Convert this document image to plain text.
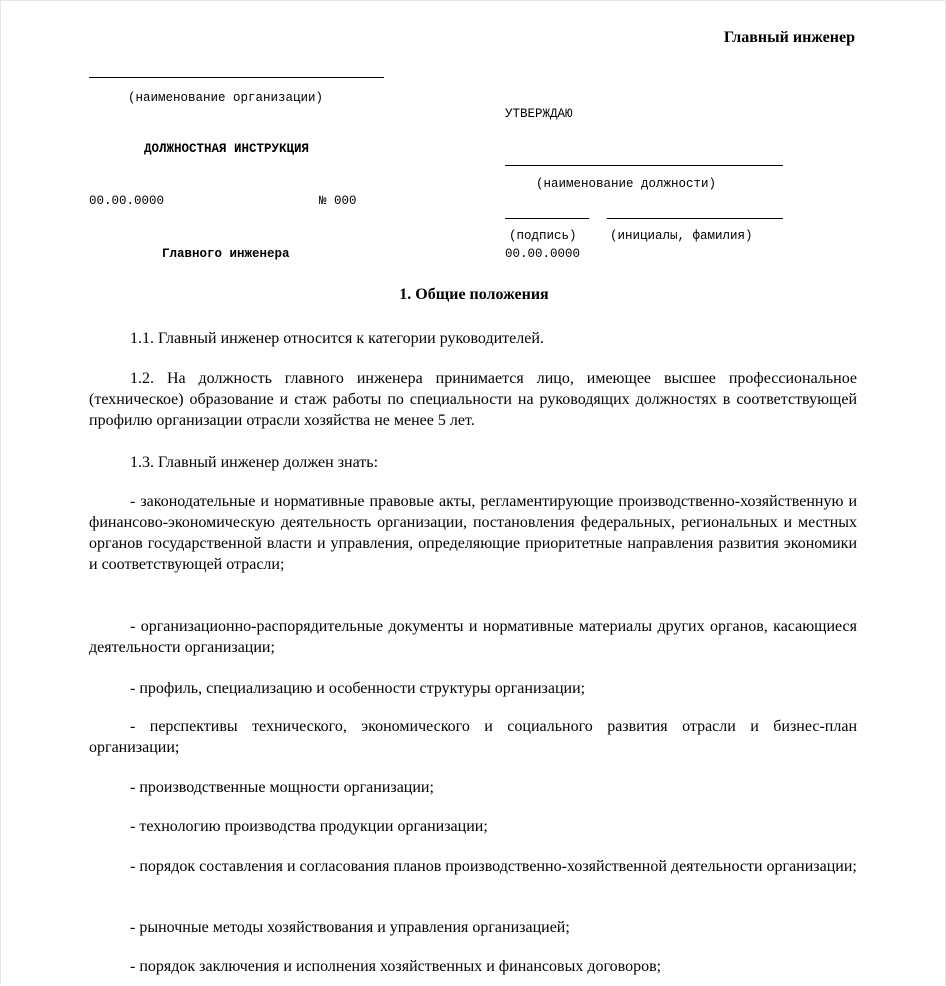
Главный инженер
(наименование организации)
ДОЛЖНОСТНАЯ ИНСТРУКЦИЯ
00.00.0000	№ 000
Главного инженера
УТВЕРЖДАЮ
(наименование должности)
(подпись)	(инициалы, фамилия)
00.00.0000
1. Общие положения

1.1. Главный инженер относится к категории руководителей.

1.2. На должность главного инженера принимается лицо, имеющее высшее профессиональное (техническое) образование и стаж работы по специальности на руководящих должностях в соответствующей профилю организации отрасли хозяйства не менее 5 лет.

1.3. Главный инженер должен знать:

- законодательные и нормативные правовые акты, регламентирующие производственно-хозяйственную и финансово-экономическую деятельность организации, постановления федеральных, региональных и местных органов государственной власти и управления, определяющие приоритетные направления развития экономики и соответствующей отрасли;

- организационно-распорядительные документы и нормативные материалы других органов, касающиеся деятельности организации;

- профиль, специализацию и особенности структуры организации;

- перспективы технического, экономического и социального развития отрасли и бизнес-план организации;

- производственные мощности организации;

- технологию производства продукции организации;

- порядок составления и согласования планов производственно-хозяйственной деятельности организации;

- рыночные методы хозяйствования и управления организацией;

- порядок заключения и исполнения хозяйственных и финансовых договоров;
